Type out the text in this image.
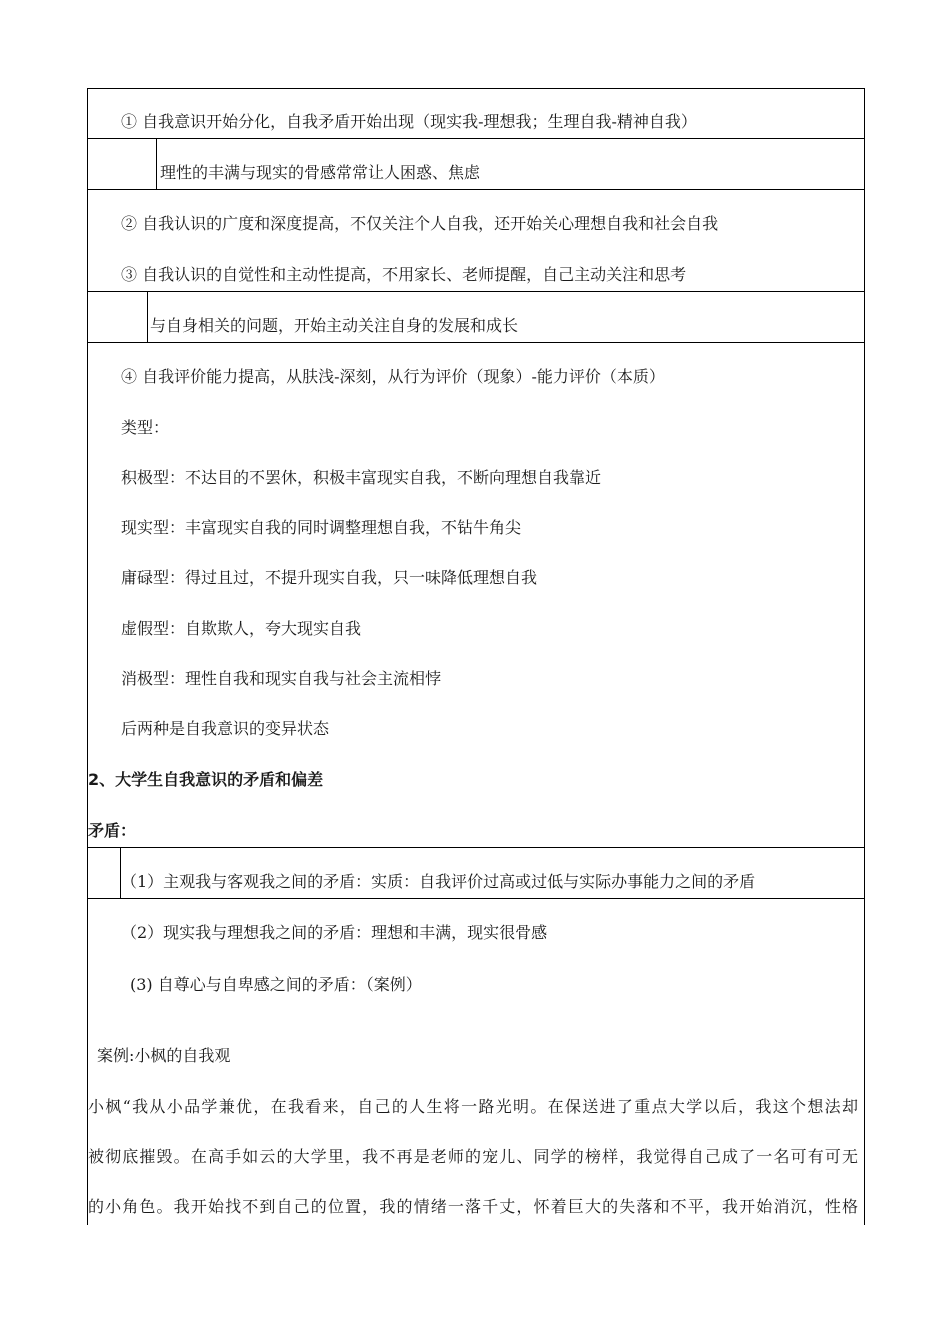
① 自我意识开始分化，自我矛盾开始出现（现实我-理想我；生理自我-精神自我）
理性的丰满与现实的骨感常常让人困惑、焦虑
② 自我认识的广度和深度提高，不仅关注个人自我，还开始关心理想自我和社会自我
③ 自我认识的自觉性和主动性提高，不用家长、老师提醒，自己主动关注和思考
与自身相关的问题，开始主动关注自身的发展和成长
④ 自我评价能力提高，从肤浅-深刻，从行为评价（现象）-能力评价（本质）
类型：
积极型：不达目的不罢休，积极丰富现实自我，不断向理想自我靠近
现实型：丰富现实自我的同时调整理想自我，不钻牛角尖
庸碌型：得过且过，不提升现实自我，只一味降低理想自我
虚假型：自欺欺人，夸大现实自我
消极型：理性自我和现实自我与社会主流相悖
后两种是自我意识的变异状态
2、大学生自我意识的矛盾和偏差
矛盾：
（1）主观我与客观我之间的矛盾：实质：自我评价过高或过低与实际办事能力之间的矛盾
（2）现实我与理想我之间的矛盾：理想和丰满，现实很骨感
(3) 自尊心与自卑感之间的矛盾：（案例）
案例:小枫的自我观
小枫“我从小品学兼优，在我看来，自己的人生将一路光明。在保送进了重点大学以后，我这个想法却
被彻底摧毁。在高手如云的大学里，我不再是老师的宠儿、同学的榜样，我觉得自己成了一名可有可无
的小角色。我开始找不到自己的位置，我的情绪一落千丈，怀着巨大的失落和不平，我开始消沉，性格
